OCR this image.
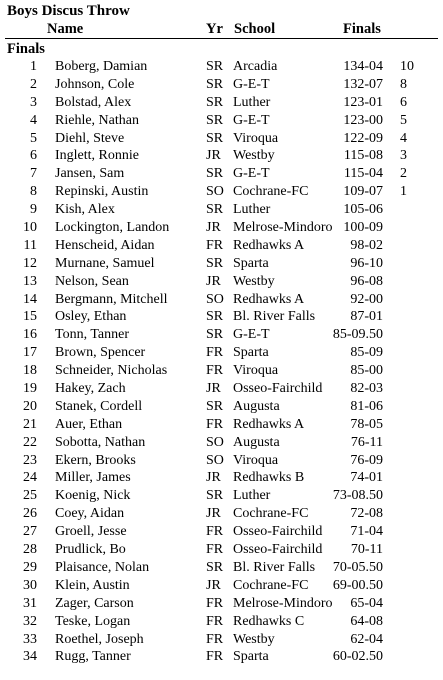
Boys Discus Throw
Name	Yr School	Finals
Finals
1 Boberg, Damian	SR Arcadia	134-04 10
2 Johnson, Cole	SR G-E-T	132-07 8
3 Bolstad, Alex	SR Luther	123-01 6
4 Riehle, Nathan	SR G-E-T	123-00 5
5 Diehl, Steve	SR Viroqua	122-09 4
6 Inglett, Ronnie	JR Westby	115-08 3
7 Jansen, Sam	SR G-E-T	115-04 2
8 Repinski, Austin	SO Cochrane-FC 109-07 1
9 Kish, Alex	SR Luther	105-06
10 Lockington, Landon	JR Melrose-Mindoro 100-09
11 Henscheid, Aidan	FR Redhawks A	98-02
12 Murnane, Samuel	SR Sparta	96-10
13 Nelson, Sean	JR Westby	96-08
14 Bergmann, Mitchell	SO Redhawks A	92-00
15 Osley, Ethan	SR Bl. River Falls	87-01
16 Tonn, Tanner	SR G-E-T	85-09.50
17 Brown, Spencer	FR Sparta	85-09
18 Schneider, Nicholas	FR Viroqua	85-00
19 Hakey, Zach	JR Osseo-Fairchild 82-03
20 Stanek, Cordell	SR Augusta	81-06
21 Auer, Ethan	FR Redhawks A	78-05
22 Sobotta, Nathan	SO Augusta	76-11
23 Ekern, Brooks	SO Viroqua	76-09
24 Miller, James	JR Redhawks B	74-01
25 Koenig, Nick	SR Luther	73-08.50
26 Coey, Aidan	JR Cochrane-FC	72-08
27 Groell, Jesse	FR Osseo-Fairchild 71-04
28 Prudlick, Bo	FR Osseo-Fairchild 70-11
29 Plaisance, Nolan	SR Bl. River Falls 70-05.50
30 Klein, Austin	JR Cochrane-FC 69-00.50
31 Zager, Carson	FR Melrose-Mindoro 65-04
32 Teske, Logan	FR Redhawks C	64-08
33 Roethel, Joseph	FR Westby	62-04
34 Rugg, Tanner	FR Sparta	60-02.50
